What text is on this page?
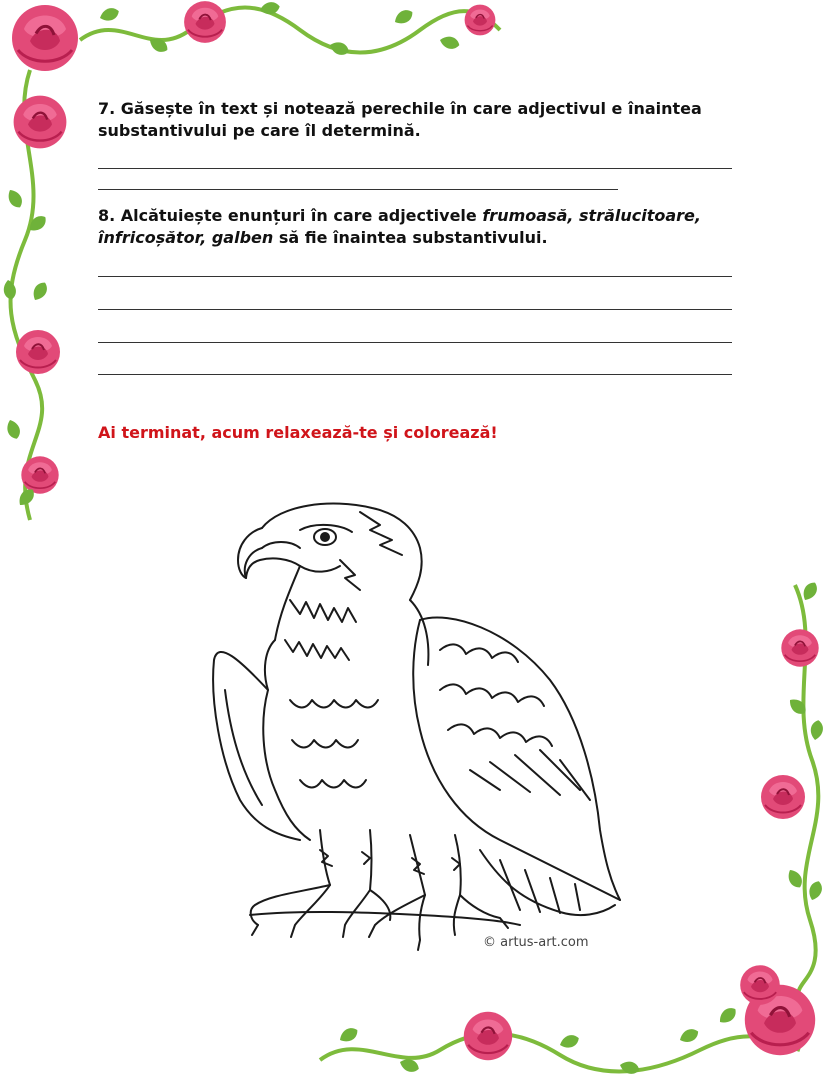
7. Găsește în text și notează perechile în care adjectivul e înaintea
substantivului pe care îl determină.
8. Alcătuiește enunțuri în care adjectivele frumoasă, strălucitoare,
înfricoșător, galben să fie înaintea substantivului.
Ai terminat, acum relaxează-te și colorează!
© artus-art.com
